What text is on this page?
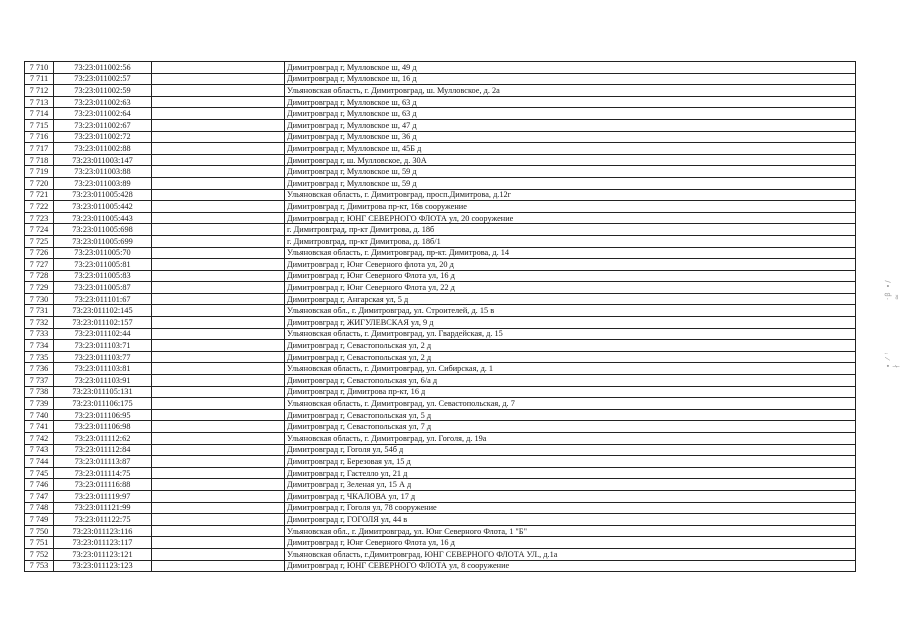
7 710	73:23:011002:56		Димитровград г, Мулловское ш, 49 д
7 711	73:23:011002:57		Димитровград г, Мулловское ш, 16 д
7 712	73:23:011002:59		Ульяновская область, г. Димитровград, ш. Мулловское, д. 2а
7 713	73:23:011002:63		Димитровград г, Мулловское ш, 63 д
7 714	73:23:011002:64		Димитровград г, Мулловское ш, 63 д
7 715	73:23:011002:67		Димитровград г, Мулловское ш, 47 д
7 716	73:23:011002:72		Димитровград г, Мулловское ш, 36 д
7 717	73:23:011002:88		Димитровград г, Мулловское ш, 45Б д
7 718	73:23:011003:147		Димитровград г, ш. Мулловское, д. 30А
7 719	73:23:011003:88		Димитровград г, Мулловское ш, 59 д
7 720	73:23:011003:89		Димитровград г, Мулловское ш, 59 д
7 721	73:23:011005:428		Ульяновская область, г. Димитровград, просп.Димитрова, д.12г
7 722	73:23:011005:442		Димитровград г, Димитрова пр-кт, 16в сооружение
7 723	73:23:011005:443		Димитровград г, ЮНГ СЕВЕРНОГО ФЛОТА ул, 20 сооружение
7 724	73:23:011005:698		г. Димитровград, пр-кт Димитрова, д. 18б
7 725	73:23:011005:699		г. Димитровград, пр-кт Димитрова, д. 18б/1
7 726	73:23:011005:70		Ульяновская область, г. Димитровград, пр-кт. Димитрова, д. 14
7 727	73:23:011005:81		Димитровград г, Юнг Северного флота ул, 20 д
7 728	73:23:011005:83		Димитровград г, Юнг Северного Флота ул, 16 д
7 729	73:23:011005:87		Димитровград г, Юнг Северного Флота ул, 22 д
7 730	73:23:011101:67		Димитровград г, Ангарская ул, 5 д
7 731	73:23:011102:145		Ульяновская обл., г. Димитровград, ул. Строителей, д. 15 в
7 732	73:23:011102:157		Димитровград г, ЖИГУЛЕВСКАЯ ул, 9 д
7 733	73:23:011102:44		Ульяновская область, г. Димитровград, ул. Гвардейская, д. 15
7 734	73:23:011103:71		Димитровград г, Севастопольская ул, 2 д
7 735	73:23:011103:77		Димитровград г, Севастопольская ул, 2 д
7 736	73:23:011103:81		Ульяновская область, г. Димитровград, ул. Сибирская, д. 1
7 737	73:23:011103:91		Димитровград г, Севастопольская ул, 6/а д
7 738	73:23:011105:131		Димитровград г, Димитрова пр-кт, 16 д
7 739	73:23:011106:175		Ульяновская область, г. Димитровград, ул. Севастопольская, д. 7
7 740	73:23:011106:95		Димитровград г, Севастопольская ул, 5 д
7 741	73:23:011106:98		Димитровград г, Севастопольская ул, 7 д
7 742	73:23:011112:62		Ульяновская область, г. Димитровград, ул. Гоголя, д. 19а
7 743	73:23:011112:84		Димитровград г, Гоголя ул, 54б д
7 744	73:23:011113:87		Димитровград г, Березовая ул, 15 д
7 745	73:23:011114:75		Димитровград г, Гастелло ул, 21 д
7 746	73:23:011116:88		Димитровград г, Зеленая ул, 15 А д
7 747	73:23:011119:97		Димитровград г, ЧКАЛОВА ул, 17 д
7 748	73:23:011121:99		Димитровград г, Гоголя ул, 78 сооружение
7 749	73:23:011122:75		Димитровград г, ГОГОЛЯ ул, 44 в
7 750	73:23:011123:116		Ульяновская обл., г. Димитровград, ул. Юнг Северного Флота, 1 "Б"
7 751	73:23:011123:117		Димитровград г, Юнг Северного Флота ул, 16 д
7 752	73:23:011123:121		Ульяновская область, г.Димитровград, ЮНГ СЕВЕРНОГО ФЛОТА УЛ., д.1а
7 753	73:23:011123:123		Димитровград г, ЮНГ СЕВЕРНОГО ФЛОТА ул, 8 сооружение
·ꞵ ∙∕ ≈
∙ ⁄ ꜝ ∤
